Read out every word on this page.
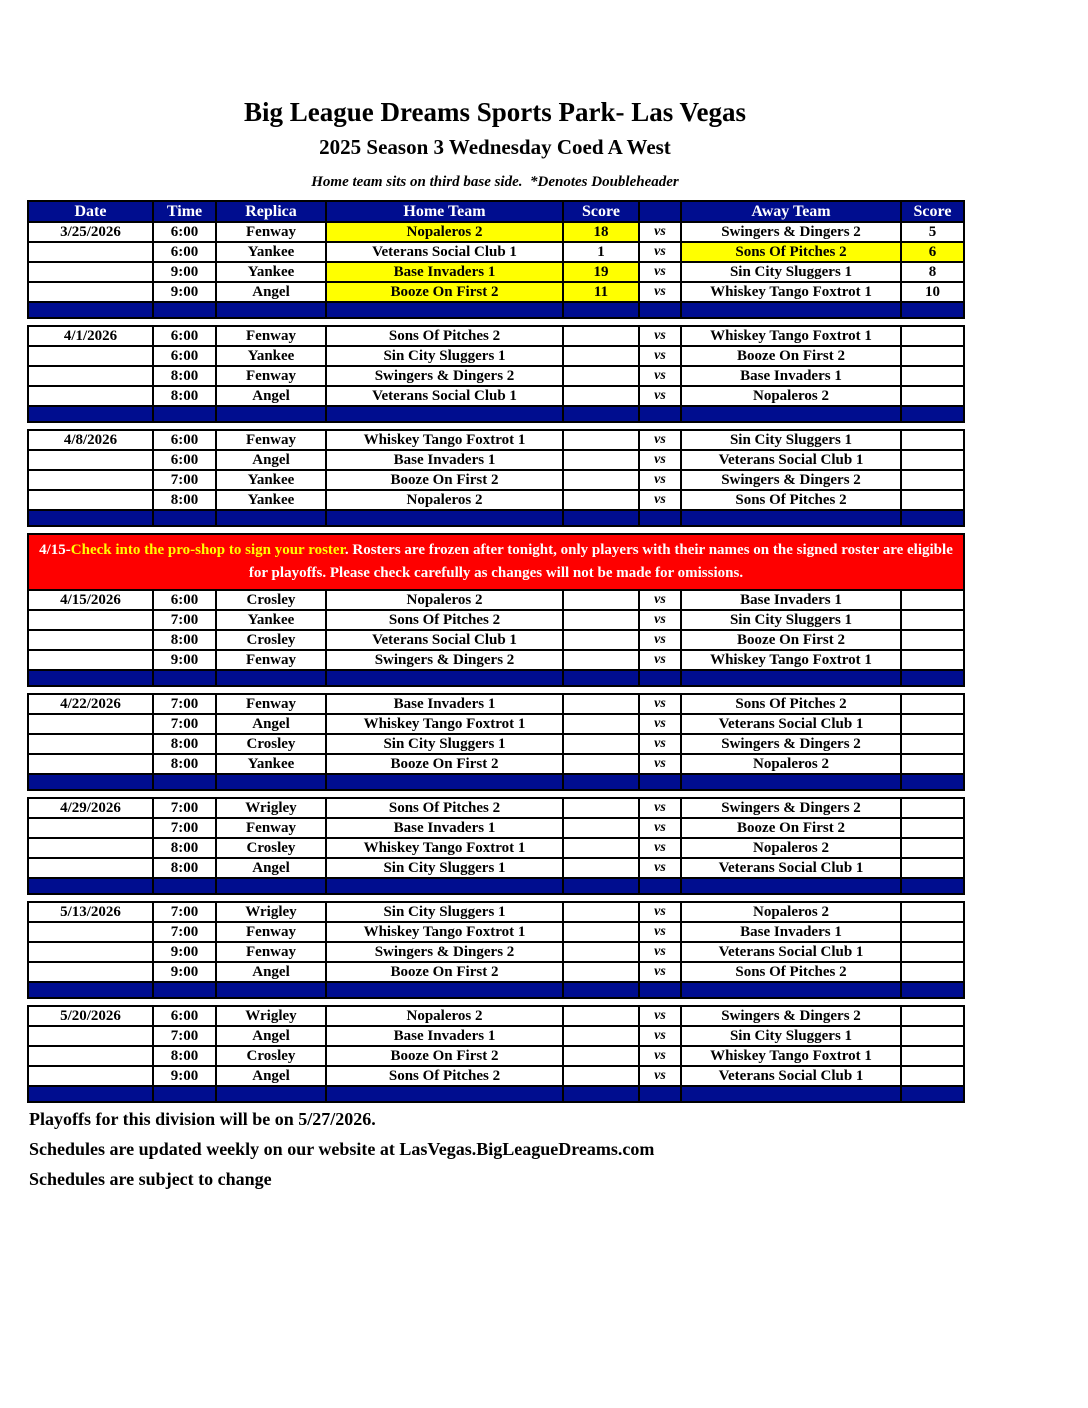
Big League Dreams Sports Park- Las Vegas
2025 Season 3 Wednesday Coed A West
Home team sits on third base side.  *Denotes Doubleheader
Date	Time	Replica	Home Team	Score		Away Team	Score
3/25/2026	6:00	Fenway	Nopaleros 2	18	vs	Swingers & Dingers 2	5
	6:00	Yankee	Veterans Social Club 1	1	vs	Sons Of Pitches 2	6
	9:00	Yankee	Base Invaders 1	19	vs	Sin City Sluggers 1	8
	9:00	Angel	Booze On First 2	11	vs	Whiskey Tango Foxtrot 1	10

4/1/2026	6:00	Fenway	Sons Of Pitches 2		vs	Whiskey Tango Foxtrot 1	
	6:00	Yankee	Sin City Sluggers 1		vs	Booze On First 2	
	8:00	Fenway	Swingers & Dingers 2		vs	Base Invaders 1	
	8:00	Angel	Veterans Social Club 1		vs	Nopaleros 2	

4/8/2026	6:00	Fenway	Whiskey Tango Foxtrot 1		vs	Sin City Sluggers 1	
	6:00	Angel	Base Invaders 1		vs	Veterans Social Club 1	
	7:00	Yankee	Booze On First 2		vs	Swingers & Dingers 2	
	8:00	Yankee	Nopaleros 2		vs	Sons Of Pitches 2	

4/15-Check into the pro-shop to sign your roster. Rosters are frozen after tonight, only players with their names on the signed roster are eligible for playoffs. Please check carefully as changes will not be made for omissions.							
4/15/2026	6:00	Crosley	Nopaleros 2		vs	Base Invaders 1	
	7:00	Yankee	Sons Of Pitches 2		vs	Sin City Sluggers 1	
	8:00	Crosley	Veterans Social Club 1		vs	Booze On First 2	
	9:00	Fenway	Swingers & Dingers 2		vs	Whiskey Tango Foxtrot 1	

4/22/2026	7:00	Fenway	Base Invaders 1		vs	Sons Of Pitches 2	
	7:00	Angel	Whiskey Tango Foxtrot 1		vs	Veterans Social Club 1	
	8:00	Crosley	Sin City Sluggers 1		vs	Swingers & Dingers 2	
	8:00	Yankee	Booze On First 2		vs	Nopaleros 2	

4/29/2026	7:00	Wrigley	Sons Of Pitches 2		vs	Swingers & Dingers 2	
	7:00	Fenway	Base Invaders 1		vs	Booze On First 2	
	8:00	Crosley	Whiskey Tango Foxtrot 1		vs	Nopaleros 2	
	8:00	Angel	Sin City Sluggers 1		vs	Veterans Social Club 1	

5/13/2026	7:00	Wrigley	Sin City Sluggers 1		vs	Nopaleros 2	
	7:00	Fenway	Whiskey Tango Foxtrot 1		vs	Base Invaders 1	
	9:00	Fenway	Swingers & Dingers 2		vs	Veterans Social Club 1	
	9:00	Angel	Booze On First 2		vs	Sons Of Pitches 2	

5/20/2026	6:00	Wrigley	Nopaleros 2		vs	Swingers & Dingers 2	
	7:00	Angel	Base Invaders 1		vs	Sin City Sluggers 1	
	8:00	Crosley	Booze On First 2		vs	Whiskey Tango Foxtrot 1	
	9:00	Angel	Sons Of Pitches 2		vs	Veterans Social Club 1	

Playoffs for this division will be on 5/27/2026.
Schedules are updated weekly on our website at LasVegas.BigLeagueDreams.com
Schedules are subject to change
